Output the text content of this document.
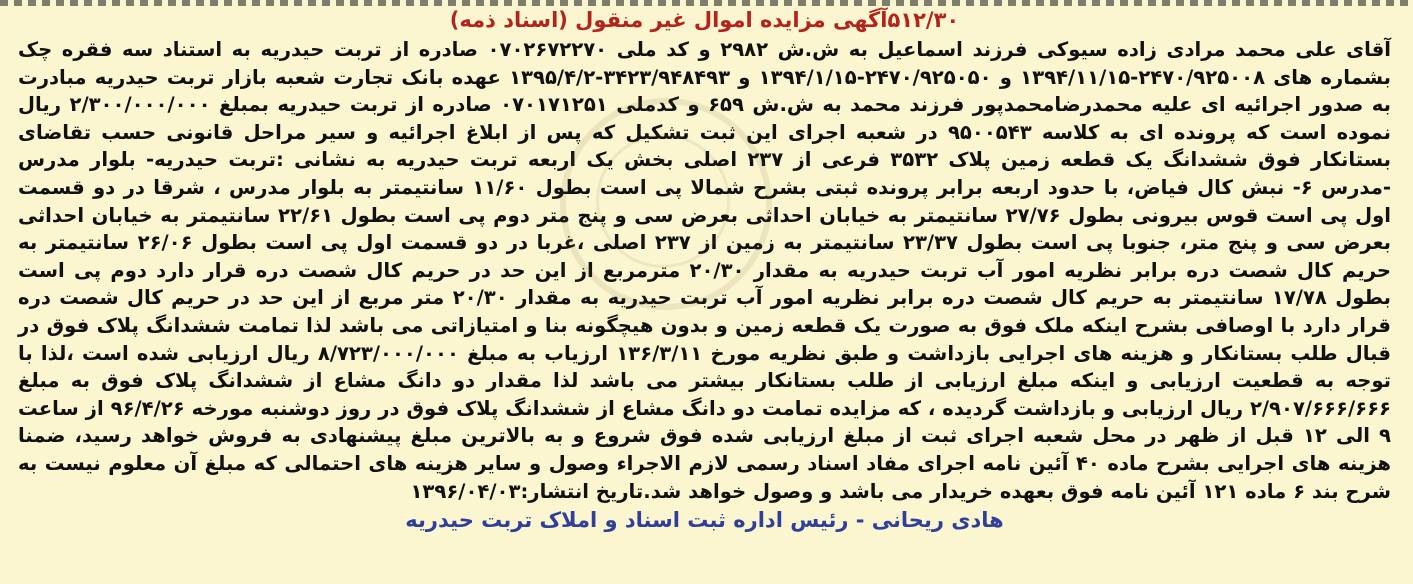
۵۱۲/۳۰آگهی مزایده اموال غیر منقول (اسناد ذمه)

آقای علی محمد مرادی زاده سیوکی فرزند اسماعیل به ش.ش ۲۹۸۲ و کد ملی ۰۷۰۲۶۷۲۲۷۰ صادره از تربت حیدریه به استناد سه فقره چک بشماره های ۲۴۷۰/۹۲۵۰۰۸-۱۳۹۴/۱۱/۱۵ و ۲۴۷۰/۹۲۵۰۵۰-۱۳۹۴/۱/۱۵ و ۳۴۲۳/۹۴۸۴۹۳-۱۳۹۵/۴/۲ عهده بانک تجارت شعبه بازار تربت حیدریه مبادرت به صدور اجرائیه ای علیه محمدرضامحمدپور فرزند محمد به ش.ش ۶۵۹ و کدملی ۰۷۰۱۷۱۲۵۱ صادره از تربت حیدریه بمبلغ ۲/۳۰۰/۰۰۰/۰۰۰ ریال نموده است که پرونده ای به کلاسه ۹۵۰۰۵۴۳ در شعبه اجرای این ثبت تشکیل که پس از ابلاغ اجرائیه و سیر مراحل قانونی حسب تقاضای بستانکار فوق ششدانگ یک قطعه زمین پلاک ۳۵۳۲ فرعی از ۲۳۷ اصلی بخش یک اربعه تربت حیدریه به نشانی :تربت حیدریه- بلوار مدرس -مدرس ۶- نبش کال فیاض، با حدود اربعه برابر پرونده ثبتی بشرح شمالا پی است بطول ۱۱/۶۰ سانتیمتر به بلوار مدرس ، شرقا در دو قسمت اول پی است قوس بیرونی بطول ۲۷/۷۶ سانتیمتر به خیابان احداثی بعرض سی و پنج متر دوم پی است بطول ۲۲/۶۱ سانتیمتر به خیابان احداثی بعرض سی و پنج متر، جنوبا پی است بطول ۲۳/۳۷ سانتیمتر به زمین از ۲۳۷ اصلی ،غربا در دو قسمت اول پی است بطول ۲۶/۰۶ سانتیمتر به حریم کال شصت دره برابر نظریه امور آب تربت حیدریه به مقدار ۲۰/۳۰ مترمربع از این حد در حریم کال شصت دره قرار دارد دوم پی است بطول ۱۷/۷۸ سانتیمتر به حریم کال شصت دره برابر نظریه امور آب تربت حیدریه به مقدار ۲۰/۳۰ متر مربع از این حد در حریم کال شصت دره قرار دارد با اوصافی بشرح اینکه ملک فوق به صورت یک قطعه زمین و بدون هیچگونه بنا و امتیازاتی می باشد لذا تمامت ششدانگ پلاک فوق در قبال طلب بستانکار و هزینه های اجرایی بازداشت و طبق نظریه مورخ ۱۳۶/۳/۱۱ ارزیاب به مبلغ ۸/۷۲۳/۰۰۰/۰۰۰ ریال ارزیابی شده است ،لذا با توجه به قطعیت ارزیابی و اینکه مبلغ ارزیابی از طلب بستانکار بیشتر می باشد لذا مقدار دو دانگ مشاع از ششدانگ پلاک فوق به مبلغ ۲/۹۰۷/۶۶۶/۶۶۶ ریال ارزیابی و بازداشت گردیده ، که مزایده تمامت دو دانگ مشاع از ششدانگ پلاک فوق در روز دوشنبه مورخه ۹۶/۴/۲۶ از ساعت ۹ الی ۱۲ قبل از ظهر در محل شعبه اجرای ثبت از مبلغ ارزیابی شده فوق شروع و به بالاترین مبلغ پیشنهادی به فروش خواهد رسید، ضمنا هزینه های اجرایی بشرح ماده ۴۰ آئین نامه اجرای مفاد اسناد رسمی لازم الاجراء وصول و سایر هزینه های احتمالی که مبلغ آن معلوم نیست به شرح بند ۶ ماده ۱۲۱ آئین نامه فوق بعهده خریدار می باشد و وصول خواهد شد.تاریخ انتشار:۱۳۹۶/۰۴/۰۳

هادی ریحانی - رئیس اداره ثبت اسناد و املاک تربت حیدریه
